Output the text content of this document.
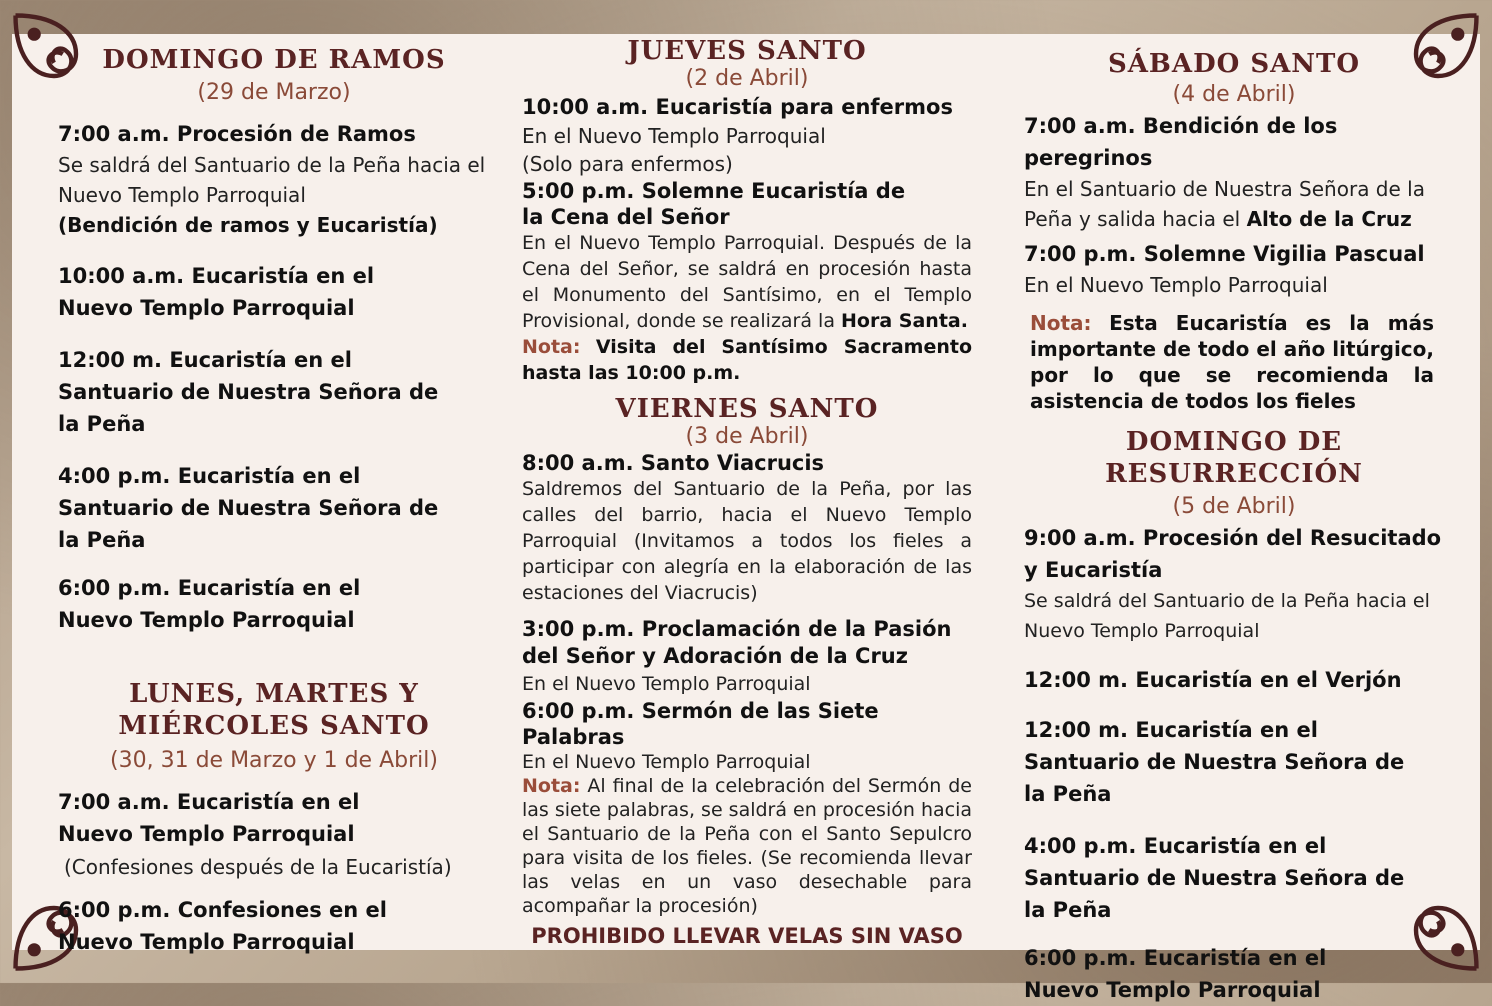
DOMINGO DE RAMOS
(29 de Marzo)
7:00 a.m. Procesión de Ramos
Se saldrá del Santuario de la Peña hacia el Nuevo Templo Parroquial
(Bendición de ramos y Eucaristía)
10:00 a.m. Eucaristía en el Nuevo Templo Parroquial
12:00 m. Eucaristía en el Santuario de Nuestra Señora de la Peña
4:00 p.m. Eucaristía en el Santuario de Nuestra Señora de la Peña
6:00 p.m. Eucaristía en el Nuevo Templo Parroquial
LUNES, MARTES Y MIÉRCOLES SANTO
(30, 31 de Marzo y 1 de Abril)
7:00 a.m. Eucaristía en el Nuevo Templo Parroquial
(Confesiones después de la Eucaristía)
6:00 p.m. Confesiones en el Nuevo Templo Parroquial
JUEVES SANTO
(2 de Abril)
10:00 a.m. Eucaristía para enfermos
En el Nuevo Templo Parroquial
(Solo para enfermos)
5:00 p.m. Solemne Eucaristía de la Cena del Señor
En el Nuevo Templo Parroquial. Después de la Cena del Señor, se saldrá en procesión hasta el Monumento del Santísimo, en el Templo Provisional, donde se realizará la Hora Santa.
Nota: Visita del Santísimo Sacramento hasta las 10:00 p.m.
VIERNES SANTO
(3 de Abril)
8:00 a.m. Santo Viacrucis
Saldremos del Santuario de la Peña, por las calles del barrio, hacia el Nuevo Templo Parroquial (Invitamos a todos los fieles a participar con alegría en la elaboración de las estaciones del Viacrucis)
3:00 p.m. Proclamación de la Pasión del Señor y Adoración de la Cruz
En el Nuevo Templo Parroquial
6:00 p.m. Sermón de las Siete Palabras
En el Nuevo Templo Parroquial
Nota: Al final de la celebración del Sermón de las siete palabras, se saldrá en procesión hacia el Santuario de la Peña con el Santo Sepulcro para visita de los fieles. (Se recomienda llevar las velas en un vaso desechable para acompañar la procesión)
PROHIBIDO LLEVAR VELAS SIN VASO
SÁBADO SANTO
(4 de Abril)
7:00 a.m. Bendición de los peregrinos
En el Santuario de Nuestra Señora de la Peña y salida hacia el Alto de la Cruz
7:00 p.m. Solemne Vigilia Pascual
En el Nuevo Templo Parroquial
Nota: Esta Eucaristía es la más importante de todo el año litúrgico, por lo que se recomienda la asistencia de todos los fieles
DOMINGO DE
RESURRECCIÓN
(5 de Abril)
9:00 a.m. Procesión del Resucitado y Eucaristía
Se saldrá del Santuario de la Peña hacia el Nuevo Templo Parroquial
12:00 m. Eucaristía en el Verjón
12:00 m. Eucaristía en el Santuario de Nuestra Señora de la Peña
4:00 p.m. Eucaristía en el Santuario de Nuestra Señora de la Peña
6:00 p.m. Eucaristía en el Nuevo Templo Parroquial
